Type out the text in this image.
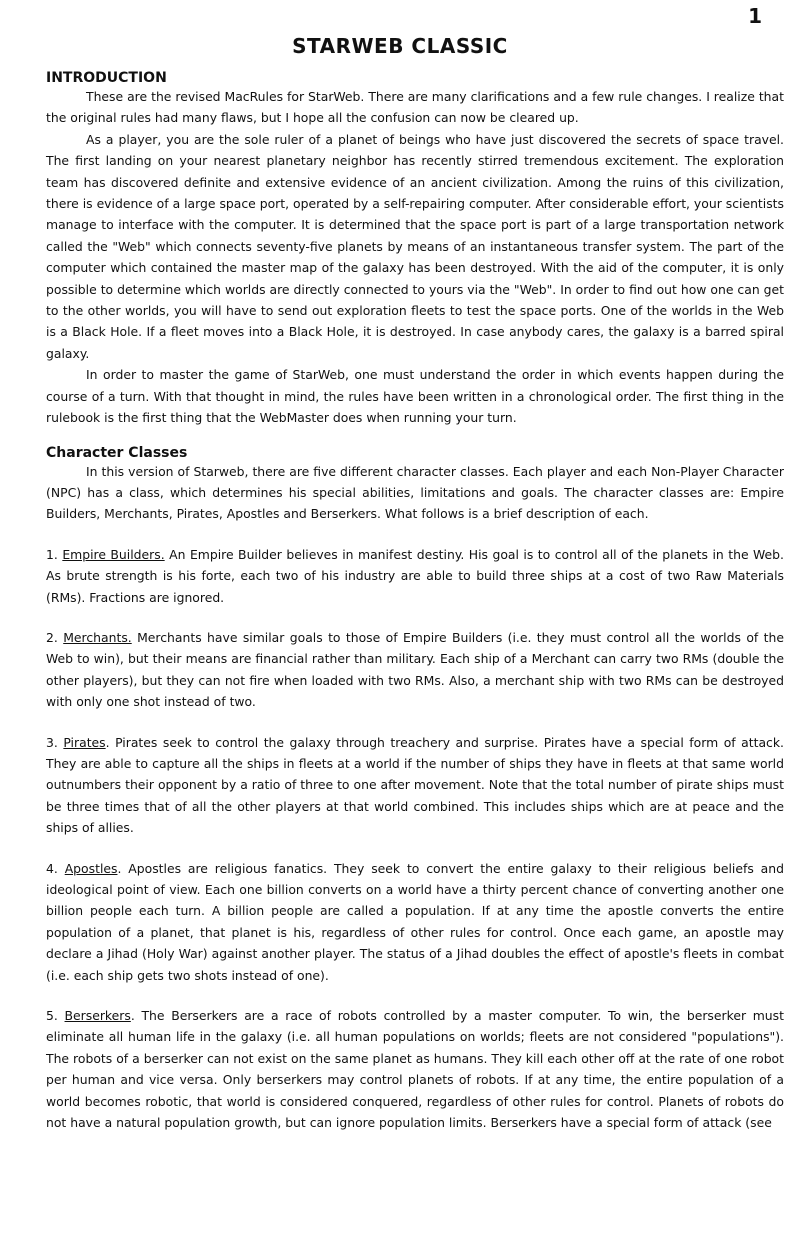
1
STARWEB CLASSIC
INTRODUCTION

These are the revised MacRules for StarWeb. There are many clarifications and a few rule changes. I realize that the original rules had many flaws, but I hope all the confusion can now be cleared up.

As a player, you are the sole ruler of a planet of beings who have just discovered the secrets of space travel. The first landing on your nearest planetary neighbor has recently stirred tremendous excitement. The exploration team has discovered definite and extensive evidence of an ancient civilization. Among the ruins of this civilization, there is evidence of a large space port, operated by a self-repairing computer. After considerable effort, your scientists manage to interface with the computer. It is determined that the space port is part of a large transportation network called the "Web" which connects seventy-five planets by means of an instantaneous transfer system. The part of the computer which contained the master map of the galaxy has been destroyed. With the aid of the computer, it is only possible to determine which worlds are directly connected to yours via the "Web". In order to find out how one can get to the other worlds, you will have to send out exploration fleets to test the space ports. One of the worlds in the Web is a Black Hole. If a fleet moves into a Black Hole, it is destroyed. In case anybody cares, the galaxy is a barred spiral galaxy.

In order to master the game of StarWeb, one must understand the order in which events happen during the course of a turn. With that thought in mind, the rules have been written in a chronological order. The first thing in the rulebook is the first thing that the WebMaster does when running your turn.

Character Classes

In this version of Starweb, there are five different character classes. Each player and each Non-Player Character (NPC) has a class, which determines his special abilities, limitations and goals. The character classes are: Empire Builders, Merchants, Pirates, Apostles and Berserkers. What follows is a brief description of each.

1. Empire Builders. An Empire Builder believes in manifest destiny. His goal is to control all of the planets in the Web. As brute strength is his forte, each two of his industry are able to build three ships at a cost of two Raw Materials (RMs). Fractions are ignored.

2. Merchants. Merchants have similar goals to those of Empire Builders (i.e. they must control all the worlds of the Web to win), but their means are financial rather than military. Each ship of a Merchant can carry two RMs (double the other players), but they can not fire when loaded with two RMs. Also, a merchant ship with two RMs can be destroyed with only one shot instead of two.

3. Pirates. Pirates seek to control the galaxy through treachery and surprise. Pirates have a special form of attack. They are able to capture all the ships in fleets at a world if the number of ships they have in fleets at that same world outnumbers their opponent by a ratio of three to one after movement. Note that the total number of pirate ships must be three times that of all the other players at that world combined. This includes ships which are at peace and the ships of allies.

4. Apostles. Apostles are religious fanatics. They seek to convert the entire galaxy to their religious beliefs and ideological point of view. Each one billion converts on a world have a thirty percent chance of converting another one billion people each turn. A billion people are called a population. If at any time the apostle converts the entire population of a planet, that planet is his, regardless of other rules for control. Once each game, an apostle may declare a Jihad (Holy War) against another player. The status of a Jihad doubles the effect of apostle's fleets in combat (i.e. each ship gets two shots instead of one).

5. Berserkers. The Berserkers are a race of robots controlled by a master computer. To win, the berserker must eliminate all human life in the galaxy (i.e. all human populations on worlds; fleets are not considered "populations"). The robots of a berserker can not exist on the same planet as humans. They kill each other off at the rate of one robot per human and vice versa. Only berserkers may control planets of robots. If at any time, the entire population of a world becomes robotic, that world is considered conquered, regardless of other rules for control. Planets of robots do not have a natural population growth, but can ignore population limits. Berserkers have a special form of attack (see
